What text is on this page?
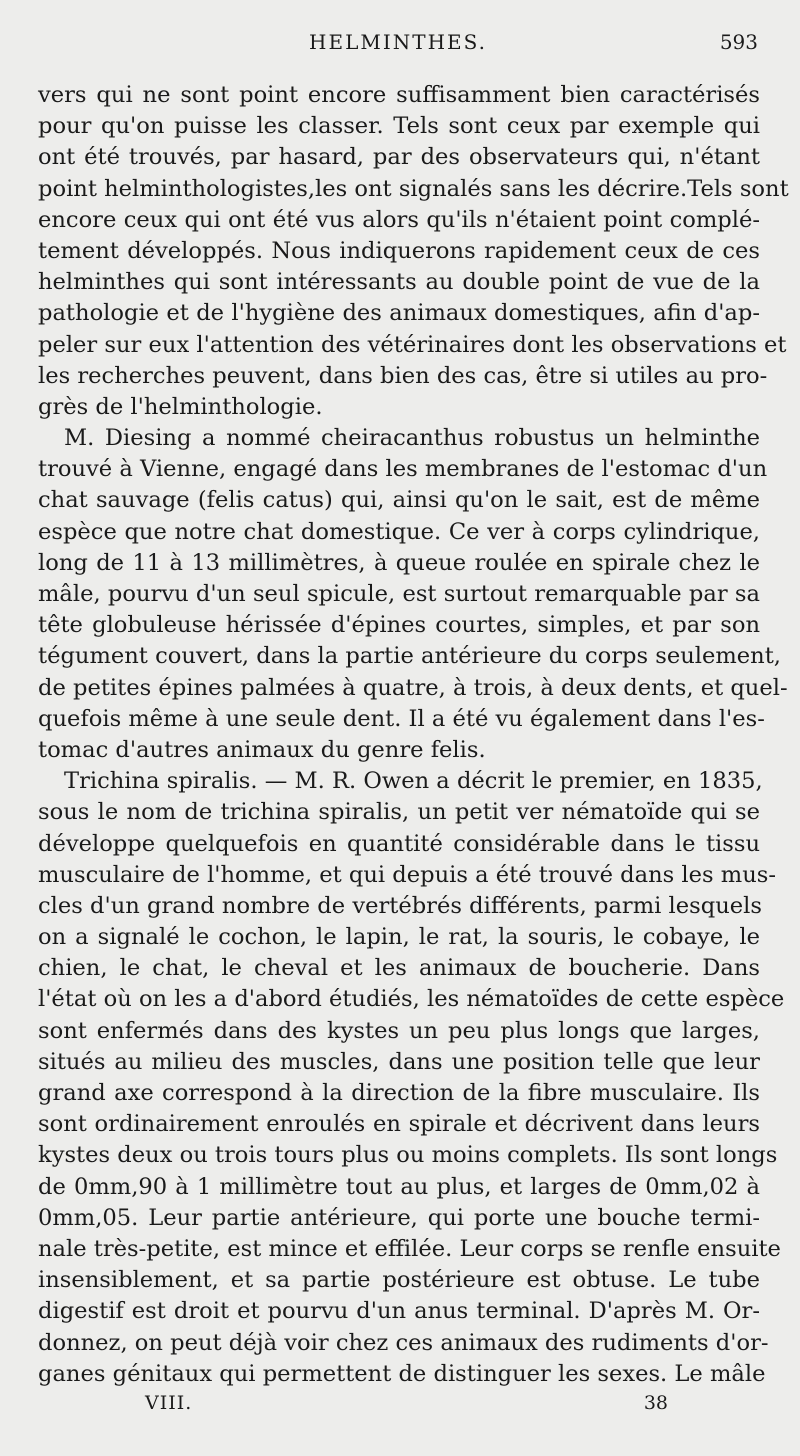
HELMINTHES.	593
vers qui ne sont point encore suffisamment bien caractérisés
pour qu'on puisse les classer. Tels sont ceux par exemple qui
ont été trouvés, par hasard, par des observateurs qui, n'étant
point helminthologistes,les ont signalés sans les décrire.Tels sont
encore ceux qui ont été vus alors qu'ils n'étaient point complé-
tement développés. Nous indiquerons rapidement ceux de ces
helminthes qui sont intéressants au double point de vue de la
pathologie et de l'hygiène des animaux domestiques, afin d'ap-
peler sur eux l'attention des vétérinaires dont les observations et
les recherches peuvent, dans bien des cas, être si utiles au pro-
grès de l'helminthologie.
M. Diesing a nommé cheiracanthus robustus un helminthe
trouvé à Vienne, engagé dans les membranes de l'estomac d'un
chat sauvage (felis catus) qui, ainsi qu'on le sait, est de même
espèce que notre chat domestique. Ce ver à corps cylindrique,
long de 11 à 13 millimètres, à queue roulée en spirale chez le
mâle, pourvu d'un seul spicule, est surtout remarquable par sa
tête globuleuse hérissée d'épines courtes, simples, et par son
tégument couvert, dans la partie antérieure du corps seulement,
de petites épines palmées à quatre, à trois, à deux dents, et quel-
quefois même à une seule dent. Il a été vu également dans l'es-
tomac d'autres animaux du genre felis.
Trichina spiralis. — M. R. Owen a décrit le premier, en 1835,
sous le nom de trichina spiralis, un petit ver nématoïde qui se
développe quelquefois en quantité considérable dans le tissu
musculaire de l'homme, et qui depuis a été trouvé dans les mus-
cles d'un grand nombre de vertébrés différents, parmi lesquels
on a signalé le cochon, le lapin, le rat, la souris, le cobaye, le
chien, le chat, le cheval et les animaux de boucherie. Dans
l'état où on les a d'abord étudiés, les nématoïdes de cette espèce
sont enfermés dans des kystes un peu plus longs que larges,
situés au milieu des muscles, dans une position telle que leur
grand axe correspond à la direction de la fibre musculaire. Ils
sont ordinairement enroulés en spirale et décrivent dans leurs
kystes deux ou trois tours plus ou moins complets. Ils sont longs
de 0mm,90 à 1 millimètre tout au plus, et larges de 0mm,02 à
0mm,05. Leur partie antérieure, qui porte une bouche termi-
nale très-petite, est mince et effilée. Leur corps se renfle ensuite
insensiblement, et sa partie postérieure est obtuse. Le tube
digestif est droit et pourvu d'un anus terminal. D'après M. Or-
donnez, on peut déjà voir chez ces animaux des rudiments d'or-
ganes génitaux qui permettent de distinguer les sexes. Le mâle
VIII.	38
